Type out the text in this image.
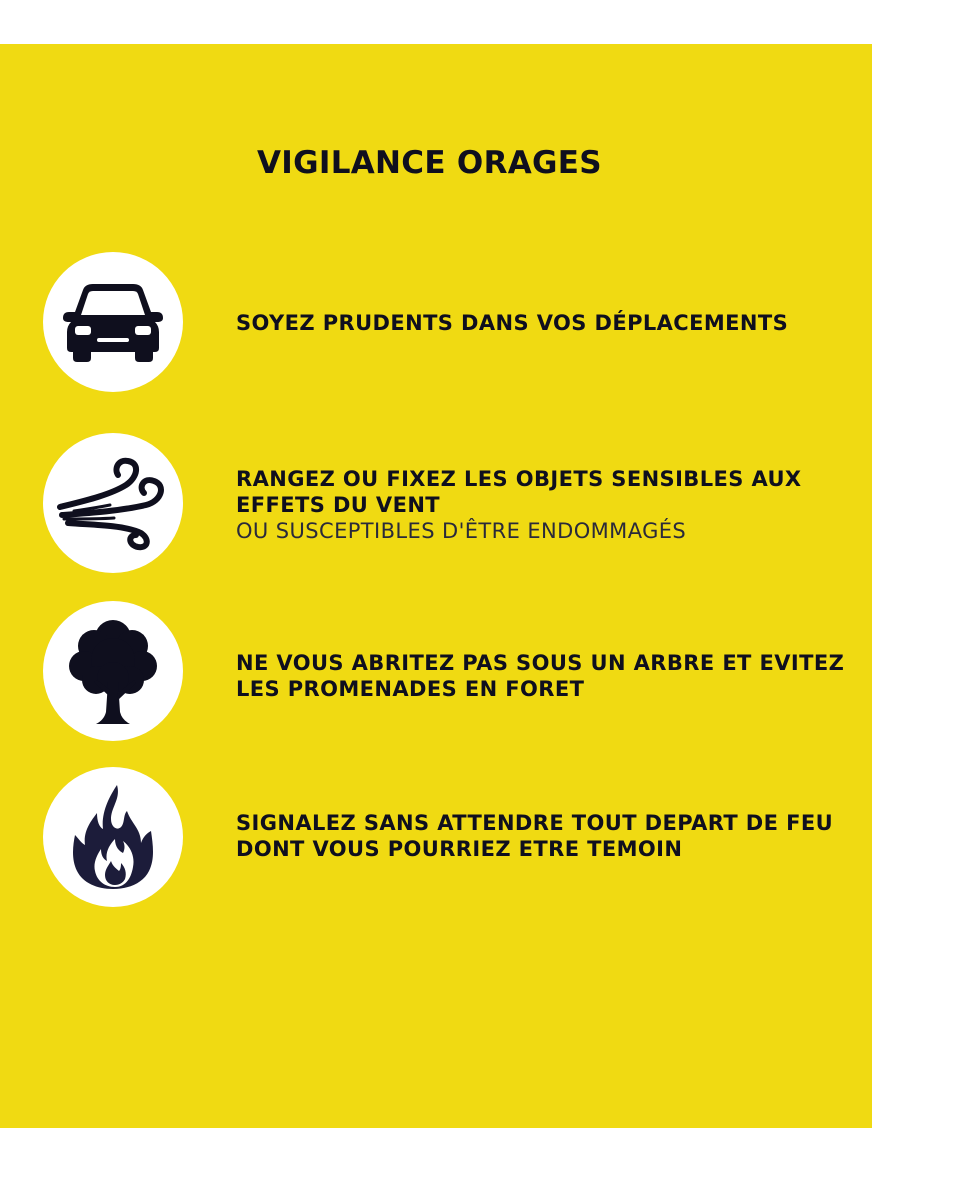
VIGILANCE ORAGES
SOYEZ PRUDENTS DANS VOS DÉPLACEMENTS
RANGEZ OU FIXEZ LES OBJETS SENSIBLES AUX EFFETS DU VENT
OU SUSCEPTIBLES D'ÊTRE ENDOMMAGÉS
NE VOUS ABRITEZ PAS SOUS UN ARBRE ET EVITEZ LES PROMENADES EN FORET
SIGNALEZ SANS ATTENDRE TOUT DEPART DE FEU DONT VOUS POURRIEZ ETRE TEMOIN
